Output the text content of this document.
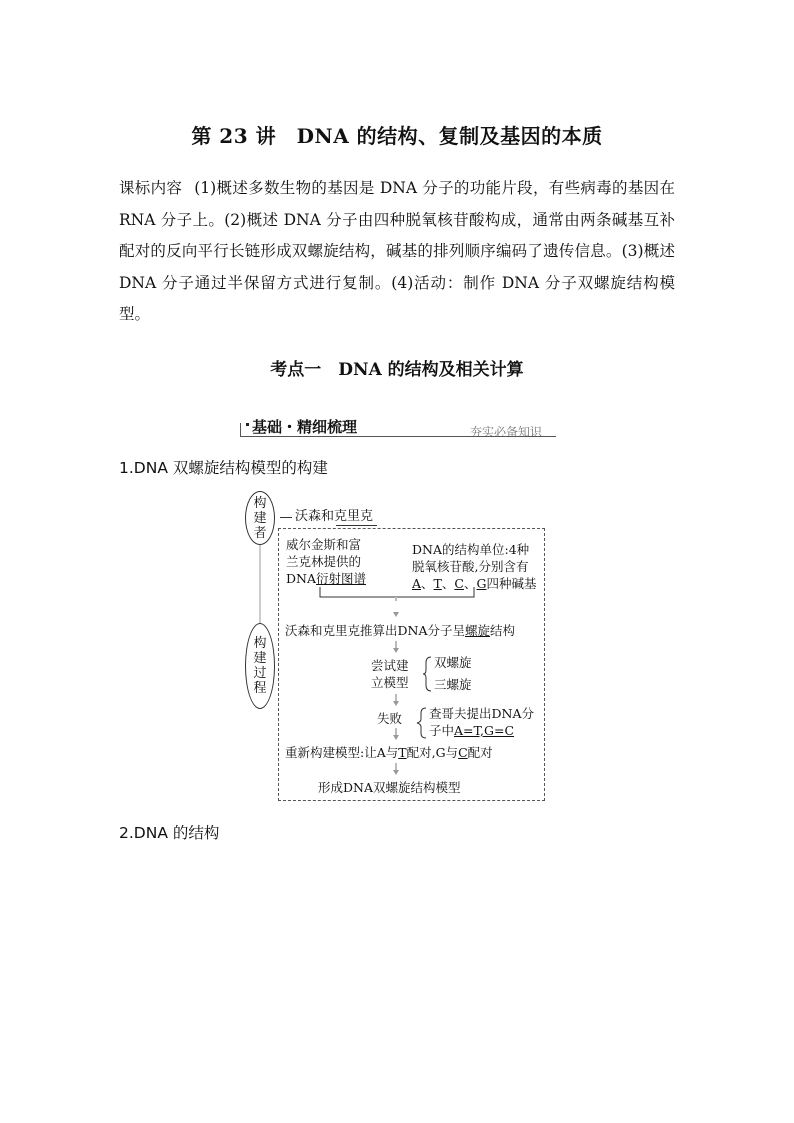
第 23 讲　DNA 的结构、复制及基因的本质

课标内容 (1)概述多数生物的基因是 DNA 分子的功能片段，有些病毒的基因在 RNA 分子上。(2)概述 DNA 分子由四种脱氧核苷酸构成，通常由两条碱基互补配对的反向平行长链形成双螺旋结构，碱基的排列顺序编码了遗传信息。(3)概述 DNA 分子通过半保留方式进行复制。(4)活动：制作 DNA 分子双螺旋结构模型。

考点一　DNA 的结构及相关计算
基础・精细梳理	夯实必备知识
1.DNA 双螺旋结构模型的构建
构
建
者
构
建
过
程
沃森和克里克
威尔金斯和富
兰克林提供的
DNA衍射图谱
DNA的结构单位:4种
脱氧核苷酸,分别含有
A、T、C、G四种碱基
沃森和克里克推算出DNA分子呈螺旋结构
尝试建
立模型
双螺旋
三螺旋
失败 查哥夫提出DNA分
子中A=T,G=C
重新构建模型:让A与T配对,G与C配对
形成DNA双螺旋结构模型
2.DNA 的结构
